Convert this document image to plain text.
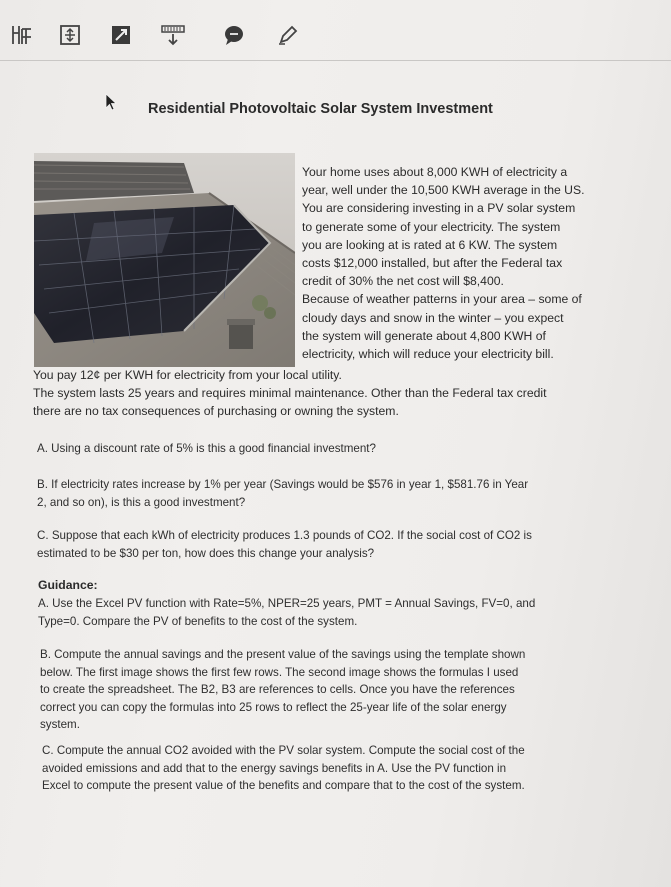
Residential Photovoltaic Solar System Investment

Your home uses about 8,000 KWH of electricity a

year, well under the 10,500 KWH average in the US.

You are considering investing in a PV solar system

to generate some of your electricity. The system

you are looking at is rated at 6 KW. The system

costs $12,000 installed, but after the Federal tax

credit of 30% the net cost will $8,400.

Because of weather patterns in your area – some of

cloudy days and snow in the winter – you expect

the system will generate about 4,800 KWH of

electricity, which will reduce your electricity bill.

You pay 12¢ per KWH for electricity from your local utility.

The system lasts 25 years and requires minimal maintenance. Other than the Federal tax credit

there are no tax consequences of purchasing or owning the system.

A. Using a discount rate of 5% is this a good financial investment?

B. If electricity rates increase by 1% per year (Savings would be $576 in year 1, $581.76 in Year
2, and so on), is this a good investment?
C. Suppose that each kWh of electricity produces 1.3 pounds of CO2. If the social cost of CO2 is
estimated to be $30 per ton, how does this change your analysis?

Guidance:

A. Use the Excel PV function with Rate=5%, NPER=25 years, PMT = Annual Savings, FV=0, and
Type=0. Compare the PV of benefits to the cost of the system.
B. Compute the annual savings and the present value of the savings using the template shown
below. The first image shows the first few rows. The second image shows the formulas I used
to create the spreadsheet. The B2, B3 are references to cells. Once you have the references
correct you can copy the formulas into 25 rows to reflect the 25-year life of the solar energy
system.
C. Compute the annual CO2 avoided with the PV solar system. Compute the social cost of the
avoided emissions and add that to the energy savings benefits in A. Use the PV function in
Excel to compute the present value of the benefits and compare that to the cost of the system.
